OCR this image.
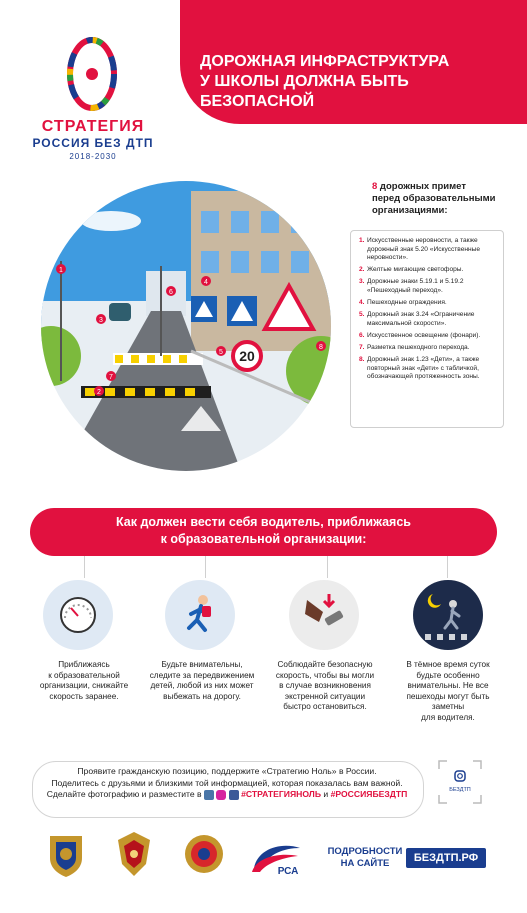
ДОРОЖНАЯ ИНФРАСТРУКТУРА
У ШКОЛЫ ДОЛЖНА БЫТЬ БЕЗОПАСНОЙ
СТРАТЕГИЯ
РОССИЯ БЕЗ ДТП
2018-2030
20
1
2
3
4
5
6
7
8
8 дорожных примет
перед образовательными
организациями:
1. Искусственные неровности, а также дорожный знак 5.20 «Искусственные неровности».
2. Желтые мигающие светофоры.
3. Дорожные знаки 5.19.1 и 5.19.2 «Пешеходный переход».
4. Пешеходные ограждения.
5. Дорожный знак 3.24 «Ограничение максимальной скорости».
6. Искусственное освещение (фонари).
7. Разметка пешеходного перехода.
8. Дорожный знак 1.23 «Дети», а также повторный знак «Дети» с табличкой, обозначающей протяженность зоны.
Как должен вести себя водитель, приближаясь
к образовательной организации:
Приближаясь
к образовательной
организации, снижайте
скорость заранее.
Будьте внимательны,
следите за передвижением
детей, любой из них может
выбежать на дорогу.
Соблюдайте безопасную
скорость, чтобы вы могли
в случае возникновения
экстренной ситуации
быстро остановиться.
В тёмное время суток
будьте особенно
внимательны. Не все
пешеходы могут быть
заметны
для водителя.
Проявите гражданскую позицию, поддержите «Стратегию Ноль» в России.
Поделитесь с друзьями и близкими той информацией, которая показалась вам важной.
Сделайте фотографию и разместите в	#СТРАТЕГИЯНОЛЬ и #РОССИЯБЕЗДТП	БЕЗДТП
РСА
ПОДРОБНОСТИ
НА САЙТЕ	БЕЗДТП.РФ
